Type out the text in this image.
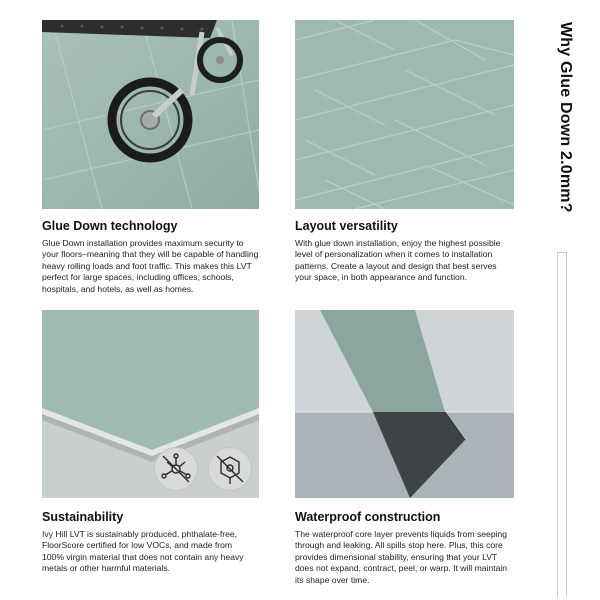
Why Glue Down 2.0mm?
Glue Down technology
Glue Down installation provides maximum security to
your floors–meaning that they will be capable of handling
heavy rolling loads and foot traffic. This makes this LVT
perfect for large spaces, including offices, schools,
hospitals, and hotels, as well as homes.
Layout versatility
With glue down installation, enjoy the highest possible
level of personalization when it comes to installation
patterns. Create a layout and design that best serves
your space, in both appearance and function.
Sustainability
Ivy Hill LVT is sustainably produced, phthalate-free,
FloorScore certified for low VOCs, and made from
100% virgin material that does not contain any heavy
metals or other harmful materials.
Waterproof construction
The waterproof core layer prevents liquids from seeping
through and leaking. All spills stop here. Plus, this core
provides dimensional stability, ensuring that your LVT
does not expand, contract, peel, or warp. It will maintain
its shape over time.
